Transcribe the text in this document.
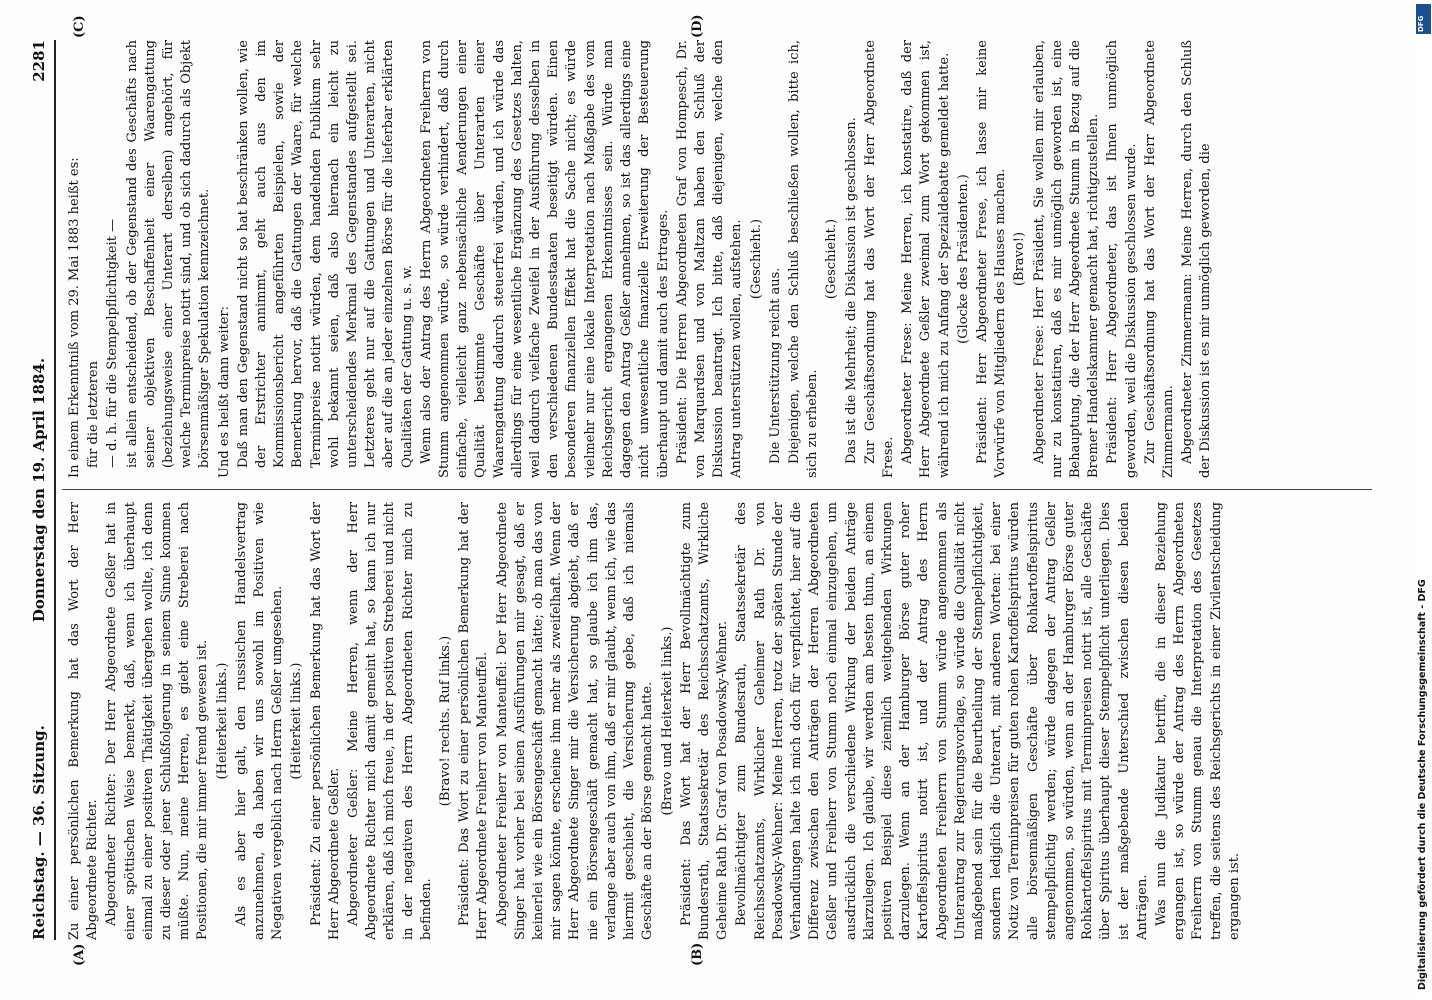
Reichstag. — 36. Sitzung.
Donnerstag den 19. April 1884.
2281
(A)	(B)
(C)	(D)

Zu einer persönlichen Bemerkung hat das Wort der Herr Abgeordnete Richter. Abgeordneter Richter: Der Herr Abgeordnete Geßler hat in einer spöttischen Weise bemerkt, daß, wenn ich überhaupt einmal zu einer positiven Thätigkeit übergehen wollte, ich denn zu dieser oder jener Schlußfolgerung in seinem Sinne kommen müßte. Nun, meine Herren, es giebt eine Streberei nach Positionen, die mir immer fremd gewesen ist. (Heiterkeit links.) Als es aber hier galt, den russischen Handelsvertrag anzunehmen, da haben wir uns sowohl im Positiven wie Negativen vergeblich nach Herrn Geßler umgesehen. (Heiterkeit links.) Präsident: Zu einer persönlichen Bemerkung hat das Wort der Herr Abgeordnete Geßler. Abgeordneter Geßler: Meine Herren, wenn der Herr Abgeordnete Richter mich damit gemeint hat, so kann ich nur erklären, daß ich mich freue, in der positiven Streberei und nicht in der negativen des Herrn Abgeordneten Richter mich zu befinden.

(Bravo! rechts. Ruf links.) Präsident: Das Wort zu einer persönlichen Bemerkung hat der Herr Abgeordnete Freiherr von Manteuffel. Abgeordneter Freiherr von Manteuffel: Der Herr Abgeordnete Singer hat vorher bei seinen Ausführungen mir gesagt, daß er keinerlei wie ein Börsengeschäft gemacht hätte; ob man das von mir sagen könnte, erscheine ihm mehr als zweifelhaft. Wenn der Herr Abgeordnete Singer mir die Versicherung abgiebt, daß er nie ein Börsengeschäft gemacht hat, so glaube ich ihm das, verlange aber auch von ihm, daß er mir glaubt, wenn ich, wie das hiermit geschieht, die Versicherung gebe, daß ich niemals Geschäfte an der Börse gemacht hatte. (Bravo und Heiterkeit links.) Präsident: Das Wort hat der Herr Bevollmächtigte zum Bundesrath, Staatssekretär des Reichsschatzamts, Wirkliche Geheime Rath Dr. Graf von Posadowsky-Wehner. Bevollmächtigter zum Bundesrath, Staatssekretär des Reichsschatzamts, Wirklicher Geheimer Rath Dr. von Posadowsky-Wehner: Meine Herren, trotz der späten Stunde der Verhandlungen halte ich mich doch für verpflichtet, hier auf die Differenz zwischen den Anträgen der Herren Abgeordneten Geßler und Freiherr von Stumm noch einmal einzugehen, um ausdrücklich die verschiedene Wirkung der beiden Anträge klarzulegen. Ich glaube, wir werden am besten thun, an einem positiven Beispiel diese ziemlich weitgehenden Wirkungen darzulegen. Wenn an der Hamburger Börse guter roher Kartoffelspiritus notirt ist, und der Antrag des Herrn Abgeordneten Freiherrn von Stumm würde angenommen als Unterantrag zur Regierungsvorlage, so würde die Qualität nicht maßgebend sein für die Beurtheilung der Stempelpflichtigkeit, sondern lediglich die Unterart, mit anderen Worten: bei einer Notiz von Terminpreisen für guten rohen Kartoffelspiritus würden alle börsenmäßigen Geschäfte über Rohkartoffelspiritus stempelpflichtig werden; würde dagegen der Antrag Geßler angenommen, so würden, wenn an der Hamburger Börse guter Rohkartoffelspiritus mit Terminpreisen notirt ist, alle Geschäfte über Spiritus überhaupt dieser Stempelpflicht unterliegen. Dies ist der maßgebende Unterschied zwischen diesen beiden Anträgen. Was nun die Judikatur betrifft, die in dieser Beziehung ergangen ist, so würde der Antrag des Herrn Abgeordneten Freiherrn von Stumm genau die Interpretation des Gesetzes treffen, die seitens des Reichsgerichts in einer Zivilentscheidung ergangen ist.

In einem Erkenntniß vom 29. Mai 1883 heißt es: für die letzteren — d. h. für die Stempelpflichtigkeit — ist allein entscheidend, ob der Gegenstand des Geschäfts nach seiner objektiven Beschaffenheit einer Waarengattung (beziehungsweise einer Unterart derselben) angehört, für welche Terminpreise notirt sind, und ob sich dadurch als Objekt börsenmäßiger Spekulation kennzeichnet. Und es heißt dann weiter: Daß man den Gegenstand nicht so hat beschränken wollen, wie der Erstrichter annimmt, geht auch aus den im Kommissionsbericht angeführten Beispielen, sowie der Bemerkung hervor, daß die Gattungen der Waare, für welche Terminpreise notirt würden, dem handelnden Publikum sehr wohl bekannt seien, daß also hiernach ein leicht zu unterscheidendes Merkmal des Gegenstandes aufgestellt sei. Letzteres geht nur auf die Gattungen und Unterarten, nicht aber auf die an jeder einzelnen Börse für die lieferbar erklärten Qualitäten der Gattung u. s. w. Wenn also der Antrag des Herrn Abgeordneten Freiherrn von Stumm angenommen würde, so würde verhindert, daß durch einfache, vielleicht ganz nebensächliche Aenderungen einer Qualität bestimmte Geschäfte über Unterarten einer Waarengattung dadurch steuerfrei würden, und ich würde das allerdings für eine wesentliche Ergänzung des Gesetzes halten, weil dadurch vielfache Zweifel in der Ausführung desselben in den verschiedenen Bundesstaaten beseitigt würden. Einen besonderen finanziellen Effekt hat die Sache nicht; es würde vielmehr nur eine lokale Interpretation nach Maßgabe des vom Reichsgericht ergangenen Erkenntnisses sein. Würde man dagegen den Antrag Geßler annehmen, so ist das allerdings eine nicht unwesentliche finanzielle Erweiterung der Besteuerung überhaupt und damit auch des Ertrages. Präsident: Die Herren Abgeordneten Graf von Hompesch, Dr. von Marquardsen und von Maltzan haben den Schluß der Diskussion beantragt. Ich bitte, daß diejenigen, welche den Antrag unterstützen wollen, aufstehen. (Geschieht.)

Die Unterstützung reicht aus. Diejenigen, welche den Schluß beschließen wollen, bitte ich, sich zu erheben.

(Geschieht.) Das ist die Mehrheit; die Diskussion ist geschlossen. Zur Geschäftsordnung hat das Wort der Herr Abgeordnete Frese. Abgeordneter Frese: Meine Herren, ich konstatire, daß der Herr Abgeordnete Geßler zweimal zum Wort gekommen ist, während ich mich zu Anfang der Spezialdebatte gemeldet hatte. (Glocke des Präsidenten.) Präsident: Herr Abgeordneter Frese, ich lasse mir keine Vorwürfe von Mitgliedern des Hauses machen. (Bravo!) Abgeordneter Frese: Herr Präsident, Sie wollen mir erlauben, nur zu konstatiren, daß es mir unmöglich geworden ist, eine Behauptung, die der Herr Abgeordnete Stumm in Bezug auf die Bremer Handelskammer gemacht hat, richtigzustellen. Präsident: Herr Abgeordneter, das ist Ihnen unmöglich geworden, weil die Diskussion geschlossen wurde. Zur Geschäftsordnung hat das Wort der Herr Abgeordnete Zimmermann. Abgeordneter Zimmermann: Meine Herren, durch den Schluß der Diskussion ist es mir unmöglich geworden, die

Digitalisierung gefördert durch die Deutsche Forschungsgemeinschaft - DFG
DFG
